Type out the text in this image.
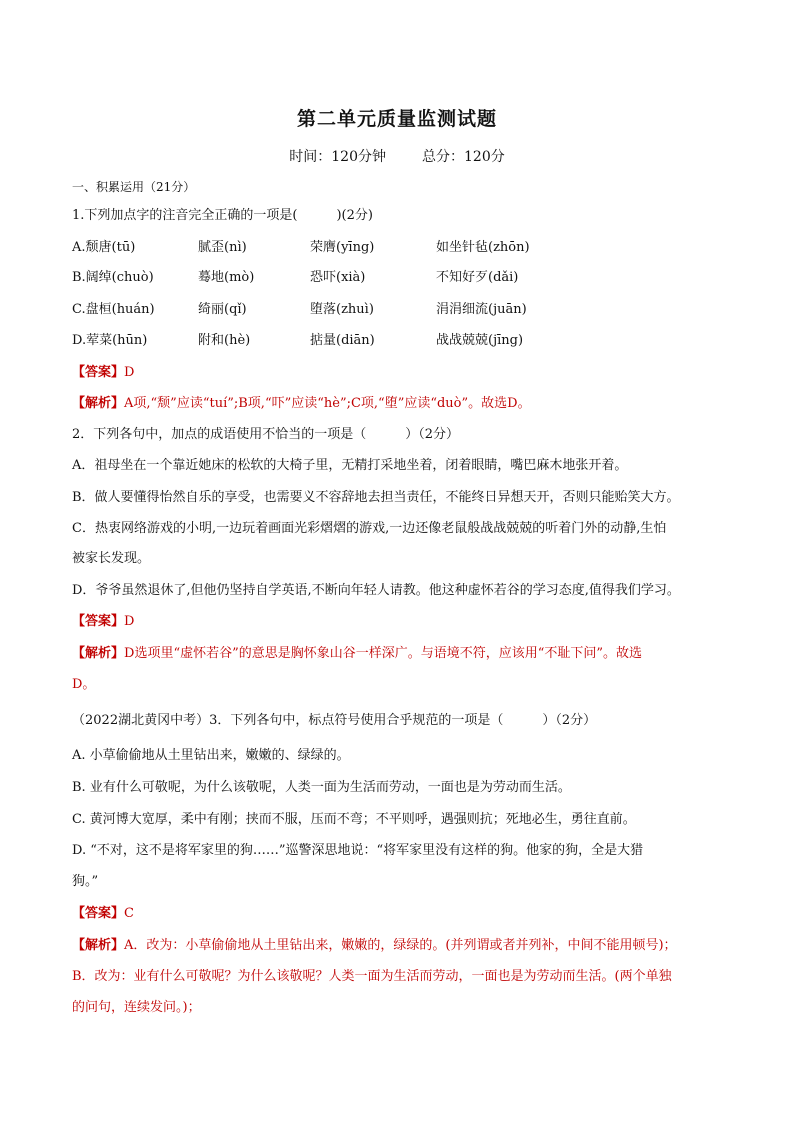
第二单元质量监测试题
时间：120分钟	总分：120分
一、积累运用（21分）
1.下列加点字的注音完全正确的一项是(　　　)(2分)
A.颓唐(tū)	腻歪(nì)	荣膺(yīng)	如坐针毡(zhōn)
B.阔绰(chuò)	蓦地(mò)	恐吓(xià)	不知好歹(dǎi)
C.盘桓(huán)	绮丽(qǐ)	堕落(zhuì)	涓涓细流(juān)
D.荤菜(hūn)	附和(hè)	掂量(diān)	战战兢兢(jīng)
【答案】D
【解析】A项,“颓”应读“tuí”;B项,“吓”应读“hè”;C项,“堕”应读“duò”。故选D。
2．下列各句中，加点的成语使用不恰当的一项是（　　　）（2分）
A．祖母坐在一个靠近她床的松软的大椅子里，无精打采地坐着，闭着眼睛，嘴巴麻木地张开着。
B．做人要懂得怡然自乐的享受，也需要义不容辞地去担当责任，不能终日异想天开，否则只能贻笑大方。
C．热衷网络游戏的小明,一边玩着画面光彩熠熠的游戏,一边还像老鼠般战战兢兢的听着门外的动静,生怕
被家长发现。
D．爷爷虽然退休了,但他仍坚持自学英语,不断向年轻人请教。他这种虚怀若谷的学习态度,值得我们学习。
【答案】D
【解析】D选项里“虚怀若谷”的意思是胸怀象山谷一样深广。与语境不符，应该用“不耻下问”。故选
D。
（2022湖北黄冈中考）3．下列各句中，标点符号使用合乎规范的一项是（　　　）（2分）
A. 小草偷偷地从土里钻出来，嫩嫩的、绿绿的。
B. 业有什么可敬呢，为什么该敬呢，人类一面为生活而劳动，一面也是为劳动而生活。
C. 黄河博大宽厚，柔中有刚；挟而不服，压而不弯；不平则呼，遇强则抗；死地必生，勇往直前。
D. “不对，这不是将军家里的狗……”巡警深思地说：“将军家里没有这样的狗。他家的狗，全是大猎
狗。”
【答案】C
【解析】A．改为：小草偷偷地从土里钻出来，嫩嫩的，绿绿的。(并列谓或者并列补，中间不能用顿号)；
B．改为：业有什么可敬呢？为什么该敬呢？人类一面为生活而劳动，一面也是为劳动而生活。(两个单独
的问句，连续发问。)；
